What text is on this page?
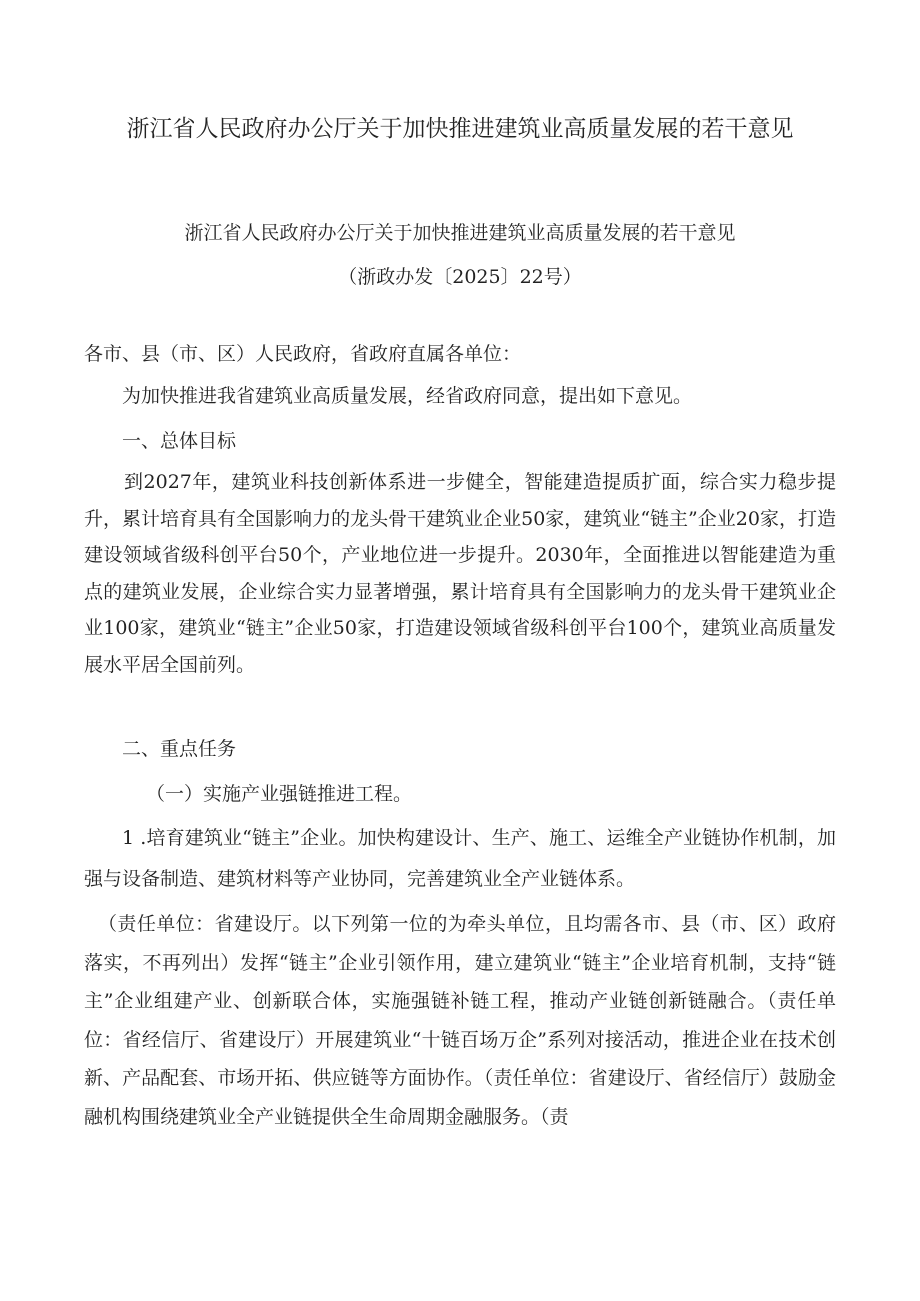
浙江省人民政府办公厅关于加快推进建筑业高质量发展的若干意见
浙江省人民政府办公厅关于加快推进建筑业高质量发展的若干意见
（浙政办发〔2025〕22号）
各市、县（市、区）人民政府，省政府直属各单位：
为加快推进我省建筑业高质量发展，经省政府同意，提出如下意见。
一、总体目标
到2027年，建筑业科技创新体系进一步健全，智能建造提质扩面，综合实力稳步提升，累计培育具有全国影响力的龙头骨干建筑业企业50家，建筑业“链主”企业20家，打造建设领域省级科创平台50个，产业地位进一步提升。2030年，全面推进以智能建造为重点的建筑业发展，企业综合实力显著增强，累计培育具有全国影响力的龙头骨干建筑业企业100家，建筑业“链主”企业50家，打造建设领域省级科创平台100个，建筑业高质量发展水平居全国前列。
二、重点任务
（一）实施产业强链推进工程。
1 .培育建筑业“链主”企业。加快构建设计、生产、施工、运维全产业链协作机制，加强与设备制造、建筑材料等产业协同，完善建筑业全产业链体系。
（责任单位：省建设厅。以下列第一位的为牵头单位，且均需各市、县（市、区）政府落实，不再列出）发挥“链主”企业引领作用，建立建筑业“链主”企业培育机制，支持“链主”企业组建产业、创新联合体，实施强链补链工程，推动产业链创新链融合。（责任单位：省经信厅、省建设厅）开展建筑业“十链百场万企”系列对接活动，推进企业在技术创新、产品配套、市场开拓、供应链等方面协作。（责任单位：省建设厅、省经信厅）鼓励金融机构围绕建筑业全产业链提供全生命周期金融服务。（责
